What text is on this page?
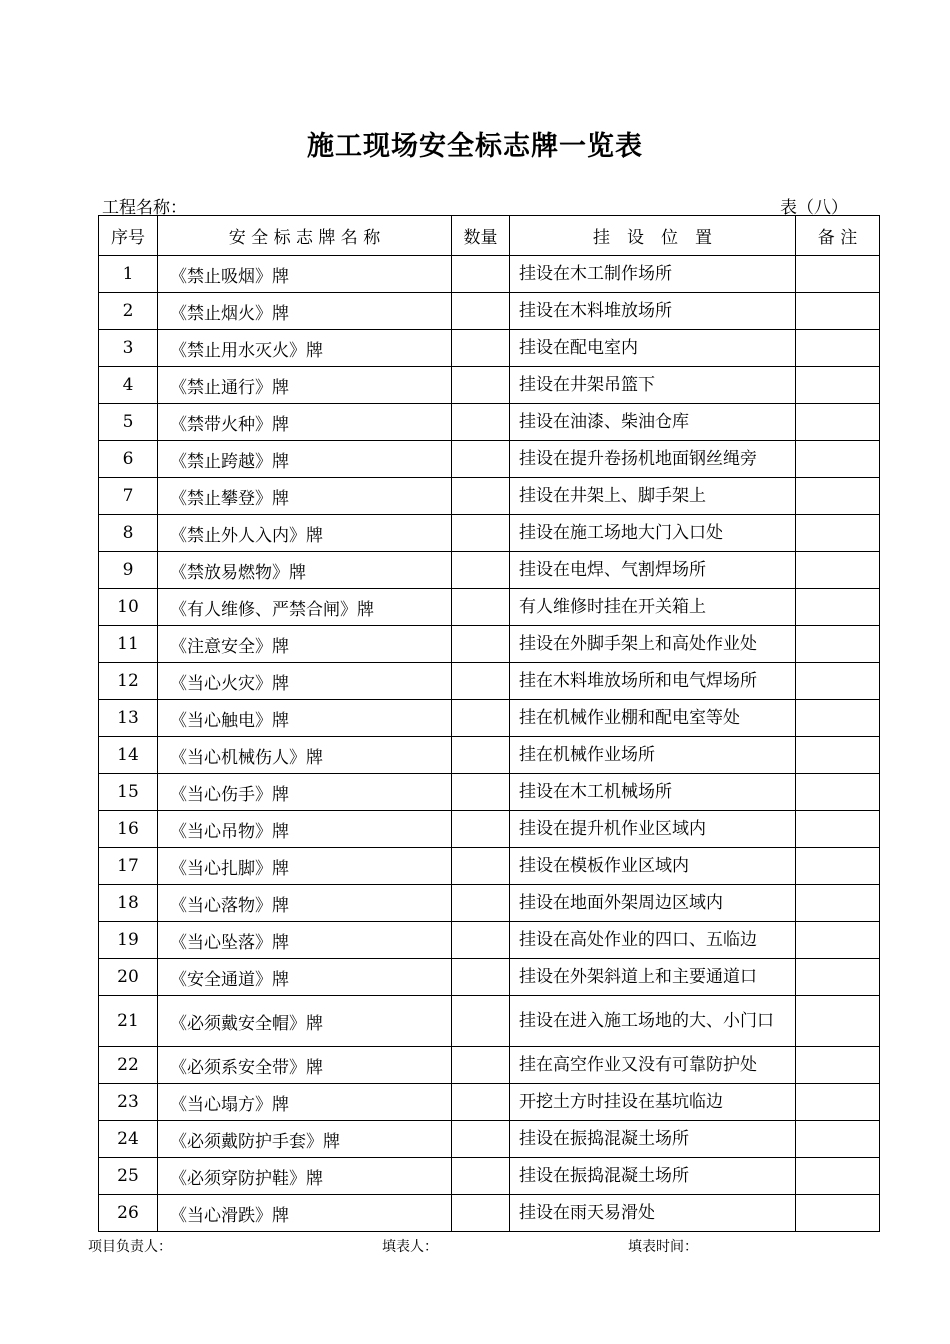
施工现场安全标志牌一览表
工程名称：	表（八）
序号	安 全 标 志 牌 名 称	数量	挂　设　位　置	备 注
1	《禁止吸烟》牌		挂设在木工制作场所	
2	《禁止烟火》牌		挂设在木料堆放场所	
3	《禁止用水灭火》牌		挂设在配电室内	
4	《禁止通行》牌		挂设在井架吊篮下	
5	《禁带火种》牌		挂设在油漆、柴油仓库	
6	《禁止跨越》牌		挂设在提升卷扬机地面钢丝绳旁	
7	《禁止攀登》牌		挂设在井架上、脚手架上	
8	《禁止外人入内》牌		挂设在施工场地大门入口处	
9	《禁放易燃物》牌		挂设在电焊、气割焊场所	
10	《有人维修、严禁合闸》牌		有人维修时挂在开关箱上	
11	《注意安全》牌		挂设在外脚手架上和高处作业处	
12	《当心火灾》牌		挂在木料堆放场所和电气焊场所	
13	《当心触电》牌		挂在机械作业棚和配电室等处	
14	《当心机械伤人》牌		挂在机械作业场所	
15	《当心伤手》牌		挂设在木工机械场所	
16	《当心吊物》牌		挂设在提升机作业区域内	
17	《当心扎脚》牌		挂设在模板作业区域内	
18	《当心落物》牌		挂设在地面外架周边区域内	
19	《当心坠落》牌		挂设在高处作业的四口、五临边	
20	《安全通道》牌		挂设在外架斜道上和主要通道口	
21	《必须戴安全帽》牌		挂设在进入施工场地的大、小门口	
22	《必须系安全带》牌		挂在高空作业又没有可靠防护处	
23	《当心塌方》牌		开挖土方时挂设在基坑临边	
24	《必须戴防护手套》牌		挂设在振捣混凝土场所	
25	《必须穿防护鞋》牌		挂设在振捣混凝土场所	
26	《当心滑跌》牌		挂设在雨天易滑处	
项目负责人：	填表人：	填表时间：
